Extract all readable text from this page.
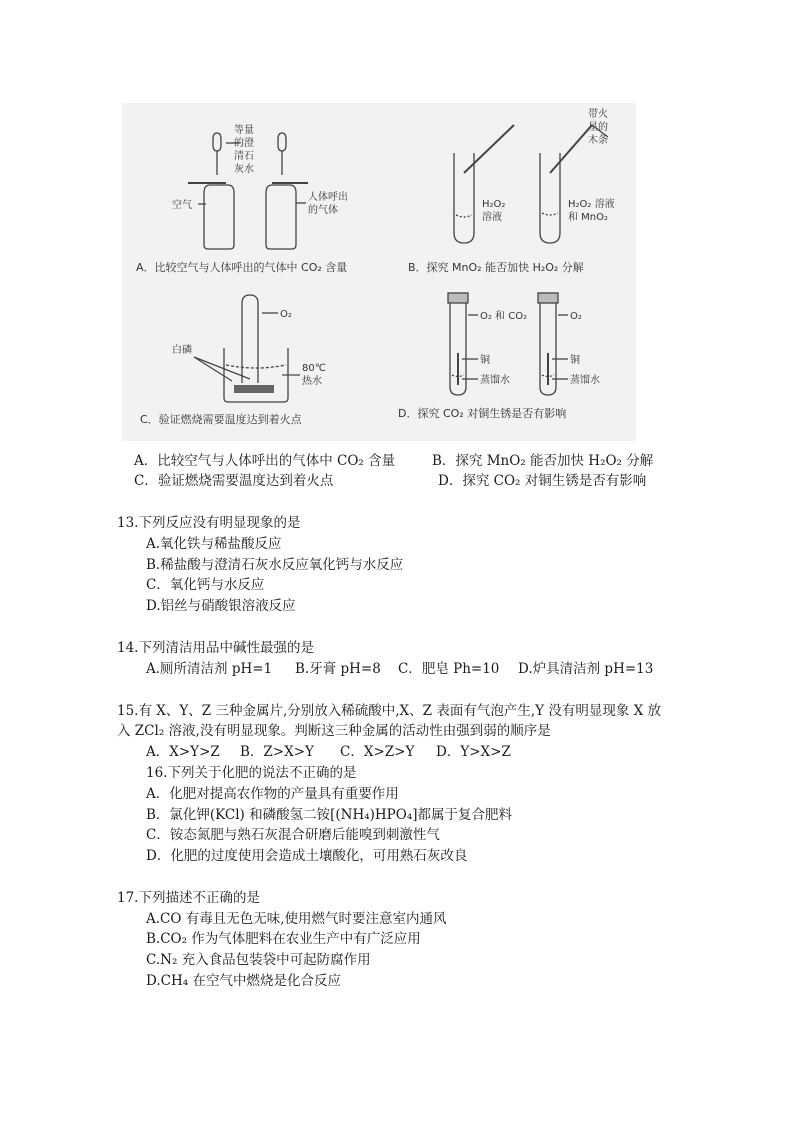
等量
的澄
清石
灰水
空气
人体呼出
的气体
A．比较空气与人体呼出的气体中 CO₂ 含量
带火
星的
木条
H₂O₂
溶液
H₂O₂ 溶液
和 MnO₂
B．探究 MnO₂ 能否加快 H₂O₂ 分解
O₂
白磷
80℃
热水
C．验证燃烧需要温度达到着火点
O₂ 和 CO₂	O₂
铜
蒸馏水
铜
蒸馏水
D．探究 CO₂ 对铜生锈是否有影响
A．比较空气与人体呼出的气体中 CO₂ 含量	B．探究 MnO₂ 能否加快 H₂O₂ 分解
C．验证燃烧需要温度达到着火点	D．探究 CO₂ 对铜生锈是否有影响
13.下列反应没有明显现象的是
A.氧化铁与稀盐酸反应
B.稀盐酸与澄清石灰水反应氧化钙与水反应
C．氧化钙与水反应
D.铝丝与硝酸银溶液反应
14.下列清洁用品中碱性最强的是
A.厕所清洁剂 pH=1 B.牙膏 pH=8 C．肥皂 Ph=10 D.炉具清洁剂 pH=13
15.有 X、Y、Z 三种金属片,分别放入稀硫酸中,X、Z 表面有气泡产生,Y 没有明显现象 X 放
入 ZCl₂ 溶液,没有明显现象。判断这三种金属的活动性由强到弱的顺序是
A．X>Y>Z B．Z>X>Y C．X>Z>Y D．Y>X>Z
16.下列关于化肥的说法不正确的是
A．化肥对提高农作物的产量具有重要作用
B．氯化钾(KCl) 和磷酸氢二铵[(NH₄)HPO₄]都属于复合肥料
C．铵态氮肥与熟石灰混合研磨后能嗅到刺激性气
D．化肥的过度使用会造成土壤酸化，可用熟石灰改良
17.下列描述不正确的是
A.CO 有毒且无色无味,使用燃气时要注意室内通风
B.CO₂ 作为气体肥料在农业生产中有广泛应用
C.N₂ 充入食品包装袋中可起防腐作用
D.CH₄ 在空气中燃烧是化合反应
